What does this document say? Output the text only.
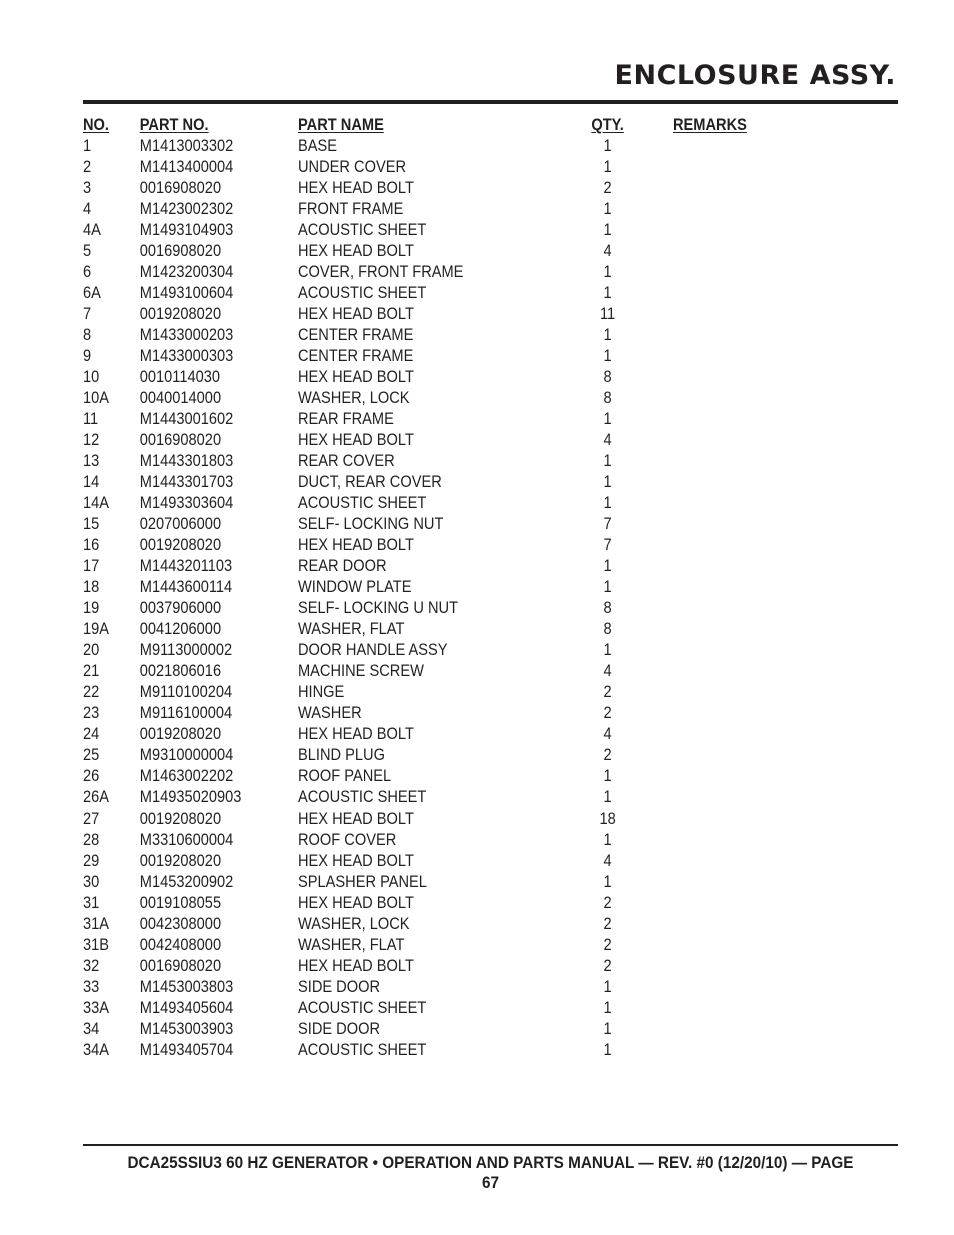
ENCLOSURE ASSY.
NO. PART NO.	PART NAME	QTY.	REMARKS
1	M1413003302	BASE	1
2	M1413400004	UNDER COVER	1
3	0016908020	HEX HEAD BOLT	2
4	M1423002302	FRONT FRAME	1
4A M1493104903	ACOUSTIC SHEET	1
5	0016908020	HEX HEAD BOLT	4
6	M1423200304	COVER, FRONT FRAME	1
6A M1493100604	ACOUSTIC SHEET	1
7	0019208020	HEX HEAD BOLT	11
8	M1433000203	CENTER FRAME	1
9	M1433000303	CENTER FRAME	1
10 0010114030	HEX HEAD BOLT	8
10A 0040014000	WASHER, LOCK	8
11 M1443001602	REAR FRAME	1
12 0016908020	HEX HEAD BOLT	4
13 M1443301803	REAR COVER	1
14 M1443301703	DUCT, REAR COVER	1
14A M1493303604	ACOUSTIC SHEET	1
15 0207006000	SELF- LOCKING NUT	7
16 0019208020	HEX HEAD BOLT	7
17 M1443201103	REAR DOOR	1
18 M1443600114	WINDOW PLATE	1
19 0037906000	SELF- LOCKING U NUT	8
19A 0041206000	WASHER, FLAT	8
20 M9113000002	DOOR HANDLE ASSY	1
21 0021806016	MACHINE SCREW	4
22 M9110100204	HINGE	2
23 M9116100004	WASHER	2
24 0019208020	HEX HEAD BOLT	4
25 M9310000004	BLIND PLUG	2
26 M1463002202	ROOF PANEL	1
26A M14935020903	ACOUSTIC SHEET	1
27 0019208020	HEX HEAD BOLT	18
28 M3310600004	ROOF COVER	1
29 0019208020	HEX HEAD BOLT	4
30 M1453200902	SPLASHER PANEL	1
31 0019108055	HEX HEAD BOLT	2
31A 0042308000	WASHER, LOCK	2
31B 0042408000	WASHER, FLAT	2
32 0016908020	HEX HEAD BOLT	2
33 M1453003803	SIDE DOOR	1
33A M1493405604	ACOUSTIC SHEET	1
34 M1453003903	SIDE DOOR	1
34A M1493405704	ACOUSTIC SHEET	1
DCA25SSIU3 60 HZ GENERATOR • OPERATION AND PARTS MANUAL — REV. #0 (12/20/10) — PAGE 67
